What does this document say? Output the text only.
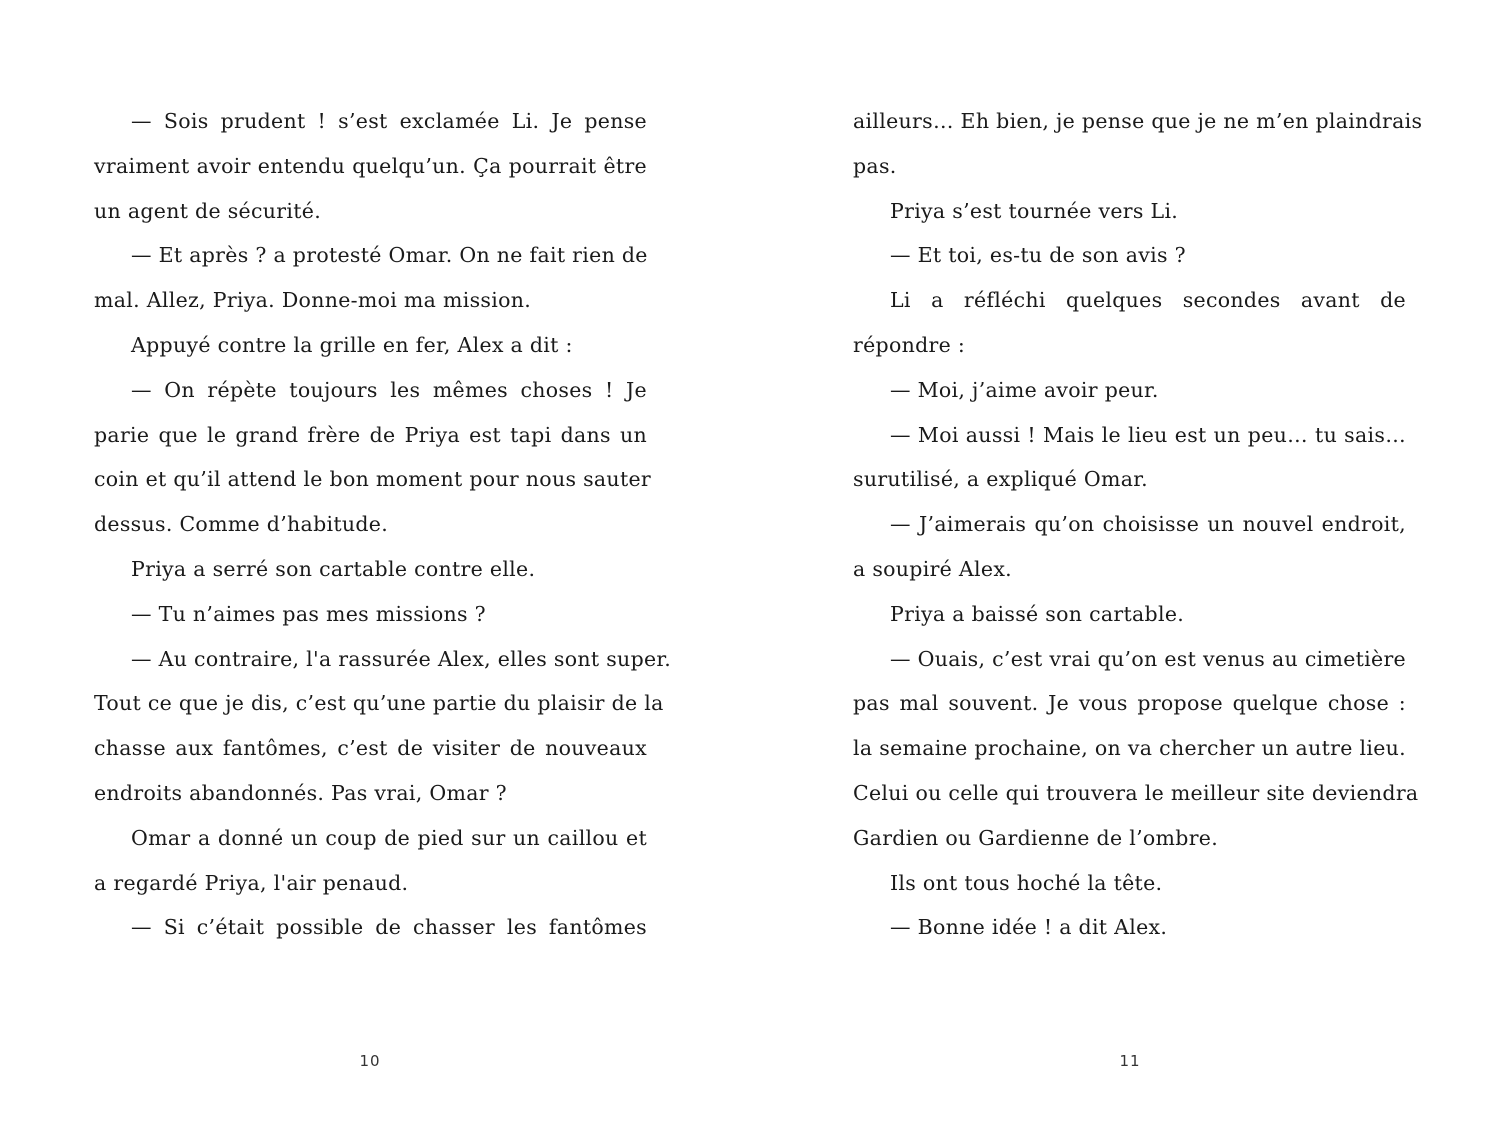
— Sois prudent ! s’est exclamée Li. Je pense
vraiment avoir entendu quelqu’un. Ça pourrait être
un agent de sécurité.
— Et après ? a protesté Omar. On ne fait rien de
mal. Allez, Priya. Donne-moi ma mission.
Appuyé contre la grille en fer, Alex a dit :
— On répète toujours les mêmes choses ! Je
parie que le grand frère de Priya est tapi dans un
coin et qu’il attend le bon moment pour nous sauter
dessus. Comme d’habitude.
Priya a serré son cartable contre elle.
— Tu n’aimes pas mes missions ?
— Au contraire, l'a rassurée Alex, elles sont super.
Tout ce que je dis, c’est qu’une partie du plaisir de la
chasse aux fantômes, c’est de visiter de nouveaux
endroits abandonnés. Pas vrai, Omar ?
Omar a donné un coup de pied sur un caillou et
a regardé Priya, l'air penaud.
— Si c’était possible de chasser les fantômes
10
ailleurs… Eh bien, je pense que je ne m’en plaindrais
pas.
Priya s’est tournée vers Li.
— Et toi, es-tu de son avis ?
Li a réfléchi quelques secondes avant de
répondre :
— Moi, j’aime avoir peur.
— Moi aussi ! Mais le lieu est un peu… tu sais…
surutilisé, a expliqué Omar.
— J’aimerais qu’on choisisse un nouvel endroit,
a soupiré Alex.
Priya a baissé son cartable.
— Ouais, c’est vrai qu’on est venus au cimetière
pas mal souvent. Je vous propose quelque chose :
la semaine prochaine, on va chercher un autre lieu.
Celui ou celle qui trouvera le meilleur site deviendra
Gardien ou Gardienne de l’ombre.
Ils ont tous hoché la tête.
— Bonne idée ! a dit Alex.
11
